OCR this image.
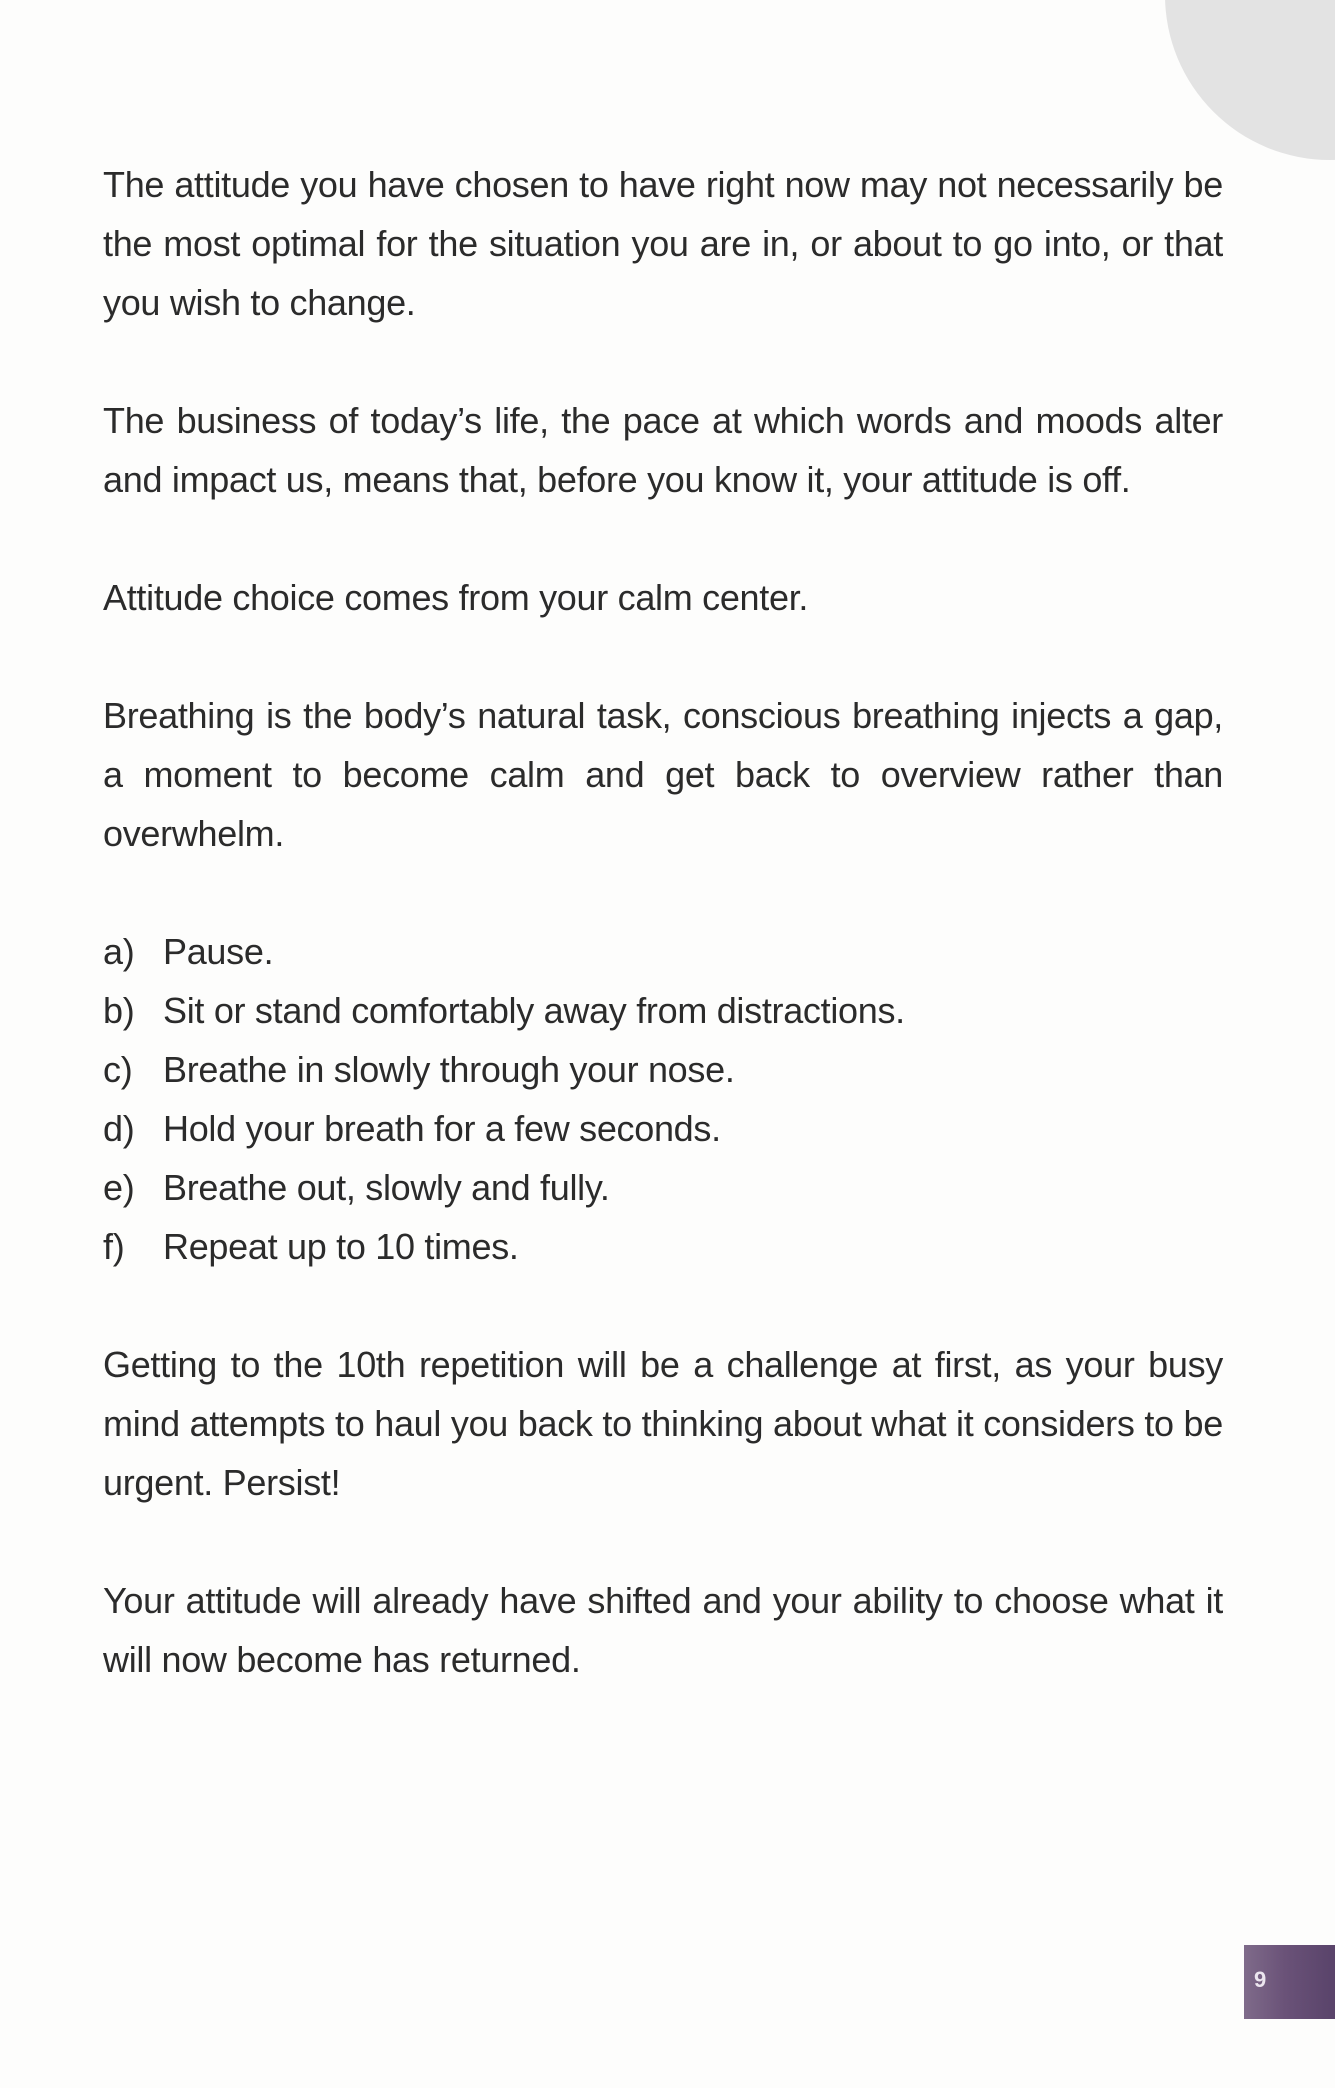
The attitude you have chosen to have right now may not necessarily be the most optimal for the situation you are in, or about to go into, or that you wish to change.

The business of today’s life, the pace at which words and moods alter and impact us, means that, before you know it, your attitude is off.

Attitude choice comes from your calm center.

Breathing is the body’s natural task, conscious breathing injects a gap, a moment to become calm and get back to overview rather than overwhelm.

a) Pause.
b) Sit or stand comfortably away from distractions.
c) Breathe in slowly through your nose.
d) Hold your breath for a few seconds.
e) Breathe out, slowly and fully.
f)	Repeat up to 10 times.

Getting to the 10th repetition will be a challenge at first, as your busy mind attempts to haul you back to thinking about what it considers to be urgent. Persist!

Your attitude will already have shifted and your ability to choose what it will now become has returned.

9
